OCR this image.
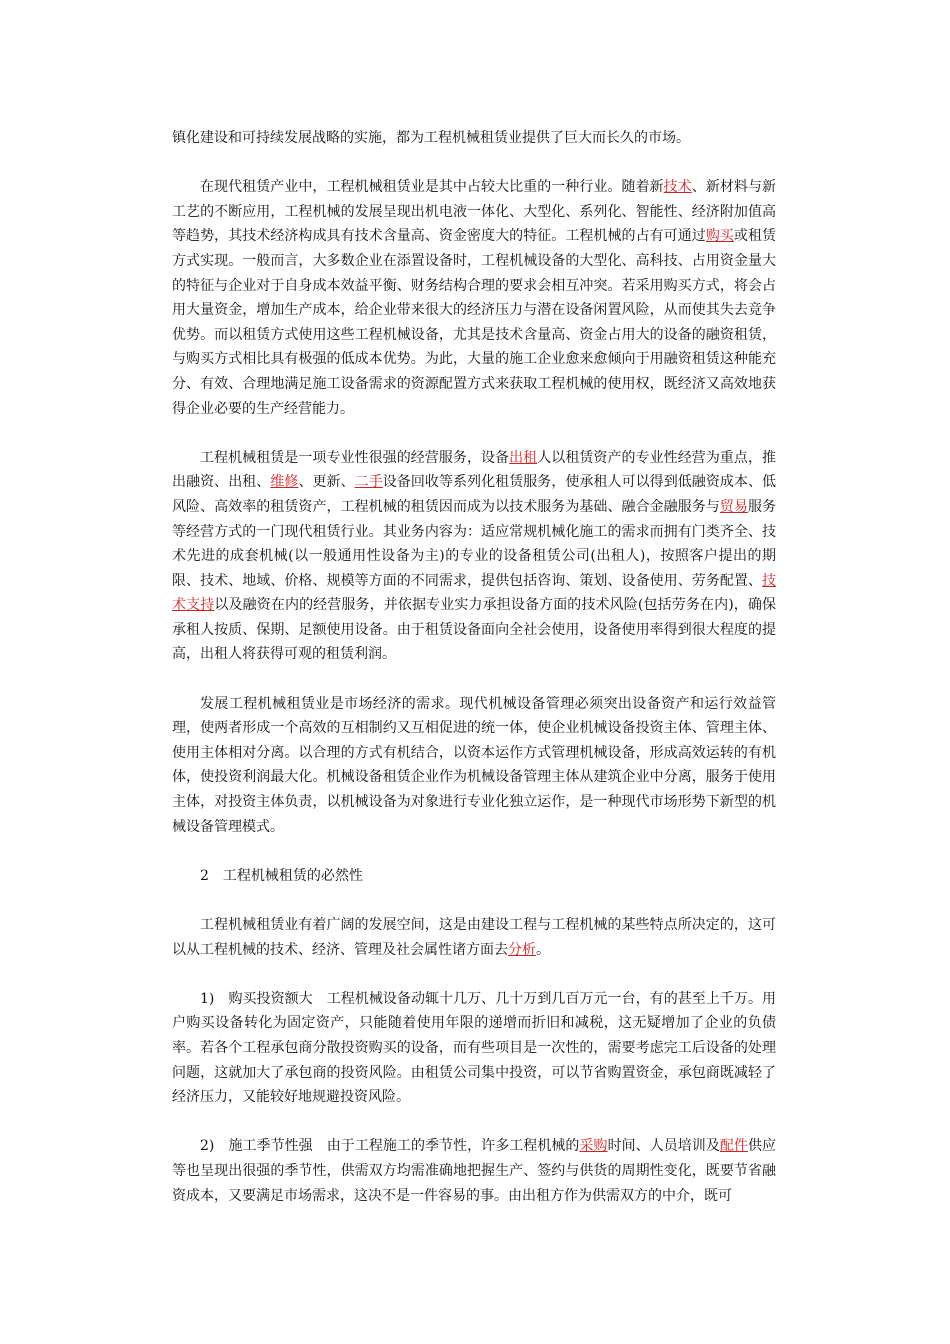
镇化建设和可持续发展战略的实施，都为工程机械租赁业提供了巨大而长久的市场。

在现代租赁产业中，工程机械租赁业是其中占较大比重的一种行业。随着新技术、新材料与新工艺的不断应用，工程机械的发展呈现出机电液一体化、大型化、系列化、智能性、经济附加值高等趋势，其技术经济构成具有技术含量高、资金密度大的特征。工程机械的占有可通过购买或租赁方式实现。一般而言，大多数企业在添置设备时，工程机械设备的大型化、高科技、占用资金量大的特征与企业对于自身成本效益平衡、财务结构合理的要求会相互冲突。若采用购买方式，将会占用大量资金，增加生产成本，给企业带来很大的经济压力与潜在设备闲置风险，从而使其失去竞争优势。而以租赁方式使用这些工程机械设备，尤其是技术含量高、资金占用大的设备的融资租赁，与购买方式相比具有极强的低成本优势。为此，大量的施工企业愈来愈倾向于用融资租赁这种能充分、有效、合理地满足施工设备需求的资源配置方式来获取工程机械的使用权，既经济又高效地获得企业必要的生产经营能力。

工程机械租赁是一项专业性很强的经营服务，设备出租人以租赁资产的专业性经营为重点，推出融资、出租、维修、更新、二手设备回收等系列化租赁服务，使承租人可以得到低融资成本、低风险、高效率的租赁资产，工程机械的租赁因而成为以技术服务为基础、融合金融服务与贸易服务等经营方式的一门现代租赁行业。其业务内容为：适应常规机械化施工的需求而拥有门类齐全、技术先进的成套机械(以一般通用性设备为主)的专业的设备租赁公司(出租人)，按照客户提出的期限、技术、地域、价格、规模等方面的不同需求，提供包括咨询、策划、设备使用、劳务配置、技术支持以及融资在内的经营服务，并依据专业实力承担设备方面的技术风险(包括劳务在内)，确保承租人按质、保期、足额使用设备。由于租赁设备面向全社会使用，设备使用率得到很大程度的提高，出租人将获得可观的租赁利润。

发展工程机械租赁业是市场经济的需求。现代机械设备管理必须突出设备资产和运行效益管理，使两者形成一个高效的互相制约又互相促进的统一体，使企业机械设备投资主体、管理主体、使用主体相对分离。以合理的方式有机结合，以资本运作方式管理机械设备，形成高效运转的有机体，使投资利润最大化。机械设备租赁企业作为机械设备管理主体从建筑企业中分离，服务于使用主体，对投资主体负责，以机械设备为对象进行专业化独立运作，是一种现代市场形势下新型的机械设备管理模式。

2　工程机械租赁的必然性

工程机械租赁业有着广阔的发展空间，这是由建设工程与工程机械的某些特点所决定的，这可以从工程机械的技术、经济、管理及社会属性诸方面去分析。

1)　购买投资额大　工程机械设备动辄十几万、几十万到几百万元一台，有的甚至上千万。用户购买设备转化为固定资产，只能随着使用年限的递增而折旧和减税，这无疑增加了企业的负债率。若各个工程承包商分散投资购买的设备，而有些项目是一次性的，需要考虑完工后设备的处理问题，这就加大了承包商的投资风险。由租赁公司集中投资，可以节省购置资金，承包商既减轻了经济压力，又能较好地规避投资风险。

2)　施工季节性强　由于工程施工的季节性，许多工程机械的采购时间、人员培训及配件供应等也呈现出很强的季节性，供需双方均需准确地把握生产、签约与供货的周期性变化，既要节省融资成本，又要满足市场需求，这决不是一件容易的事。由出租方作为供需双方的中介，既可
